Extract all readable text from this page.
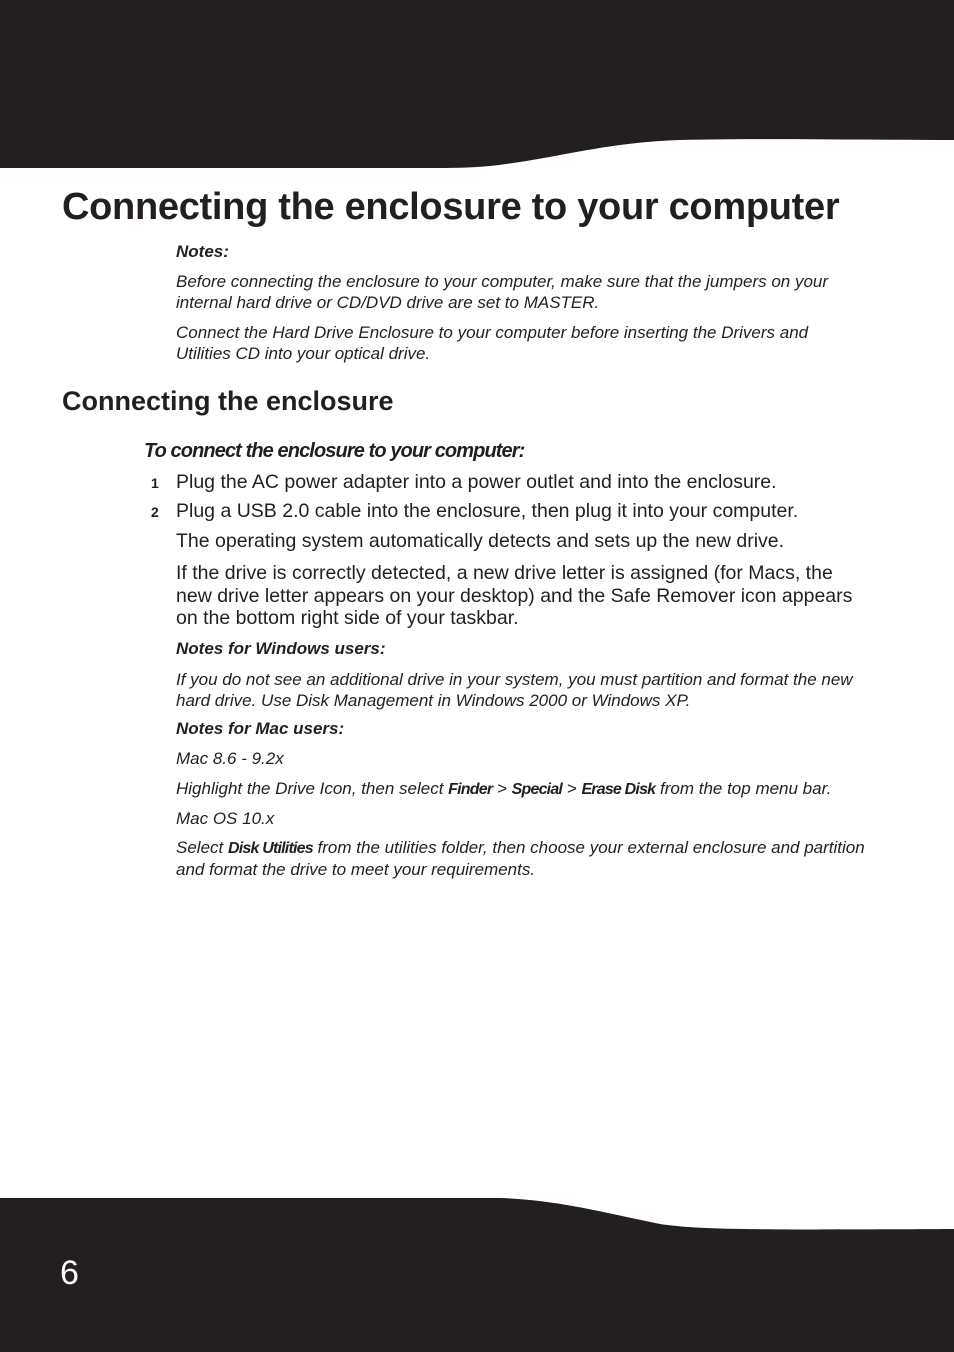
Connecting the enclosure to your computer
Notes:

Before connecting the enclosure to your computer, make sure that the jumpers on your internal hard drive or CD/DVD drive are set to MASTER.

Connect the Hard Drive Enclosure to your computer before inserting the Drivers and Utilities CD into your optical drive.

Connecting the enclosure
To connect the enclosure to your computer:
1 Plug the AC power adapter into a power outlet and into the enclosure.

2 Plug a USB 2.0 cable into the enclosure, then plug it into your computer.

The operating system automatically detects and sets up the new drive.

If the drive is correctly detected, a new drive letter is assigned (for Macs, the new drive letter appears on your desktop) and the Safe Remover icon appears on the bottom right side of your taskbar.

Notes for Windows users:

If you do not see an additional drive in your system, you must partition and format the new hard drive. Use Disk Management in Windows 2000 or Windows XP.

Notes for Mac users:

Mac 8.6 - 9.2x

Highlight the Drive Icon, then select Finder > Special > Erase Disk from the top menu bar.

Mac OS 10.x

Select Disk Utilities from the utilities folder, then choose your external enclosure and partition and format the drive to meet your requirements.

6
